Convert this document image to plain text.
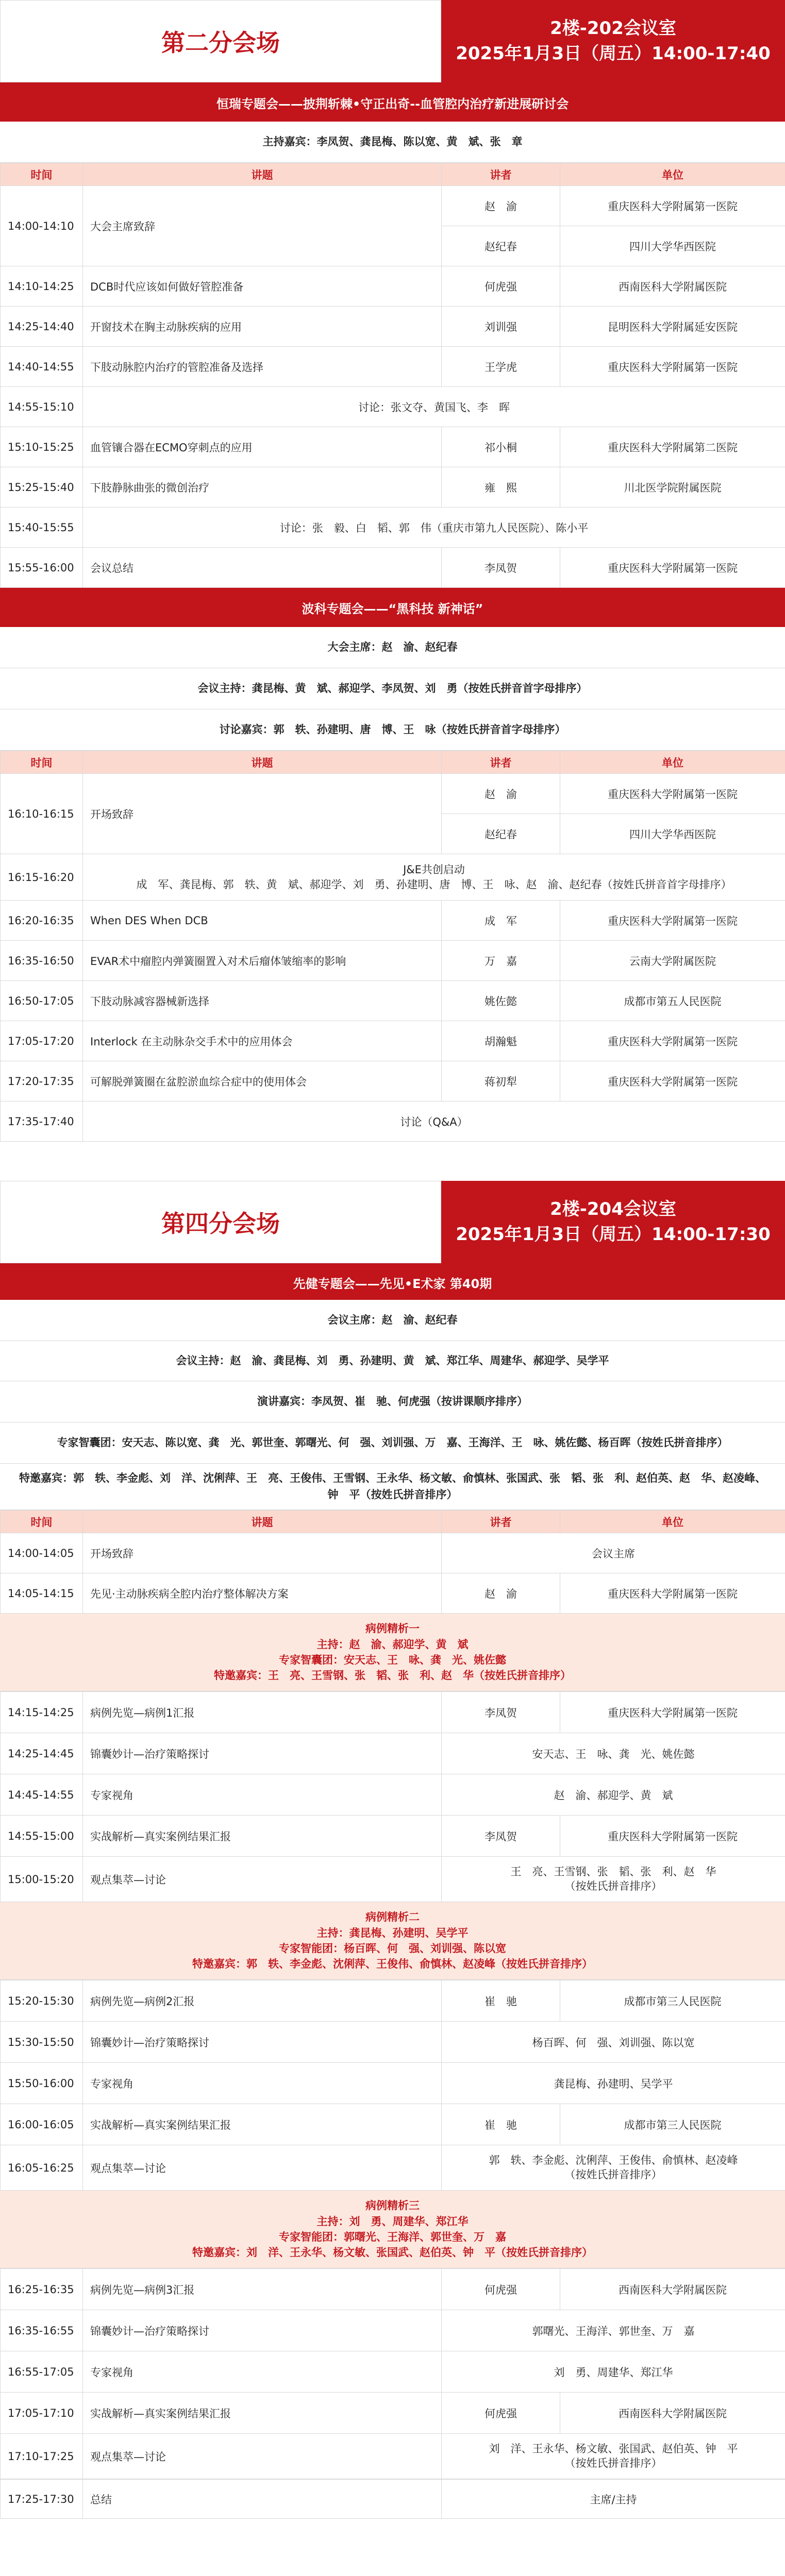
第二分会场
2楼-202会议室
2025年1月3日（周五）14:00-17:40
恒瑞专题会——披荆斩棘•守正出奇--血管腔内治疗新进展研讨会
主持嘉宾：李凤贺、龚昆梅、陈以宽、黄　斌、张　章
时间	讲题	讲者	单位
14:00-14:10	大会主席致辞	赵　渝	重庆医科大学附属第一医院
		赵纪春	四川大学华西医院
14:10-14:25	DCB时代应该如何做好管腔准备	何虎强	西南医科大学附属医院
14:25-14:40	开窗技术在胸主动脉疾病的应用	刘训强	昆明医科大学附属延安医院
14:40-14:55	下肢动脉腔内治疗的管腔准备及选择	王学虎	重庆医科大学附属第一医院
14:55-15:10	讨论：张文夺、黄国飞、李　晖		
15:10-15:25	血管镶合器在ECMO穿刺点的应用	祁小桐	重庆医科大学附属第二医院
15:25-15:40	下肢静脉曲张的微创治疗	雍　熙	川北医学院附属医院
15:40-15:55	讨论：张　毅、白　韬、郭　伟（重庆市第九人民医院）、陈小平		
15:55-16:00	会议总结	李凤贺	重庆医科大学附属第一医院
波科专题会——“黑科技 新神话”
大会主席：赵　渝、赵纪春
会议主持：龚昆梅、黄　斌、郝迎学、李凤贺、刘　勇（按姓氏拼音首字母排序）
讨论嘉宾：郭　轶、孙建明、唐　博、王　咏（按姓氏拼音首字母排序）
时间	讲题	讲者	单位
16:10-16:15	开场致辞	赵　渝	重庆医科大学附属第一医院
		赵纪春	四川大学华西医院
16:15-16:20	J&E共创启动
成　军、龚昆梅、郭　轶、黄　斌、郝迎学、刘　勇、孙建明、唐　博、王　咏、赵　渝、赵纪春（按姓氏拼音首字母排序）		

16:20-16:35	When DES When DCB	成　军	重庆医科大学附属第一医院
16:35-16:50	EVAR术中瘤腔内弹簧圈置入对术后瘤体皱缩率的影响	万　嘉	云南大学附属医院
16:50-17:05	下肢动脉减容器械新选择	姚佐懿	成都市第五人民医院
17:05-17:20	Interlock 在主动脉杂交手术中的应用体会	胡瀚魁	重庆医科大学附属第一医院
17:20-17:35	可解脱弹簧圈在盆腔淤血综合症中的使用体会	蒋初犁	重庆医科大学附属第一医院
17:35-17:40	讨论（Q&A）		
第四分会场
2楼-204会议室
2025年1月3日（周五）14:00-17:30
先健专题会——先见•E术家 第40期
会议主席：赵　渝、赵纪春
会议主持：赵　渝、龚昆梅、刘　勇、孙建明、黄　斌、郑江华、周建华、郝迎学、吴学平
演讲嘉宾：李凤贺、崔　驰、何虎强（按讲课顺序排序）
专家智囊团：安天志、陈以宽、龚　光、郭世奎、郭曙光、何　强、刘训强、万　嘉、王海洋、王　咏、姚佐懿、杨百晖（按姓氏拼音排序）
特邀嘉宾：郭　轶、李金彪、刘　洋、沈俐萍、王　亮、王俊伟、王雪钢、王永华、杨文敏、俞慎林、张国武、张　韬、张　利、赵伯英、赵　华、赵凌峰、钟　平（按姓氏拼音排序）
时间	讲题	讲者	单位
14:00-14:05	开场致辞	会议主席	
14:05-14:15	先见·主动脉疾病全腔内治疗整体解决方案	赵　渝	重庆医科大学附属第一医院
病例精析一
主持：赵　渝、郝迎学、黄　斌
专家智囊团：安天志、王　咏、龚　光、姚佐懿
特邀嘉宾：王　亮、王雪钢、张　韬、张　利、赵　华（按姓氏拼音排序）
14:15-14:25	病例先览—病例1汇报	李凤贺	重庆医科大学附属第一医院
14:25-14:45	锦囊妙计—治疗策略探讨	安天志、王　咏、龚　光、姚佐懿	
14:45-14:55	专家视角	赵　渝、郝迎学、黄　斌	
14:55-15:00	实战解析—真实案例结果汇报	李凤贺	重庆医科大学附属第一医院
15:00-15:20	观点集萃—讨论	王　亮、王雪钢、张　韬、张　利、赵　华
（按姓氏拼音排序）	
病例精析二
主持：龚昆梅、孙建明、吴学平
专家智能团：杨百晖、何　强、刘训强、陈以宽
特邀嘉宾：郭　轶、李金彪、沈俐萍、王俊伟、俞慎林、赵凌峰（按姓氏拼音排序）
15:20-15:30	病例先览—病例2汇报	崔　驰	成都市第三人民医院
15:30-15:50	锦囊妙计—治疗策略探讨	杨百晖、何　强、刘训强、陈以宽	
15:50-16:00	专家视角	龚昆梅、孙建明、吴学平	
16:00-16:05	实战解析—真实案例结果汇报	崔　驰	成都市第三人民医院
16:05-16:25	观点集萃—讨论	郭　轶、李金彪、沈俐萍、王俊伟、俞慎林、赵凌峰
（按姓氏拼音排序）	
病例精析三
主持：刘　勇、周建华、郑江华
专家智能团：郭曙光、王海洋、郭世奎、万　嘉
特邀嘉宾：刘　洋、王永华、杨文敏、张国武、赵伯英、钟　平（按姓氏拼音排序）
16:25-16:35	病例先览—病例3汇报	何虎强	西南医科大学附属医院
16:35-16:55	锦囊妙计—治疗策略探讨	郭曙光、王海洋、郭世奎、万　嘉	
16:55-17:05	专家视角	刘　勇、周建华、郑江华	
17:05-17:10	实战解析—真实案例结果汇报	何虎强	西南医科大学附属医院
17:10-17:25	观点集萃—讨论	刘　洋、王永华、杨文敏、张国武、赵伯英、钟　平
（按姓氏拼音排序）	
17:25-17:30	总结	主席/主持
